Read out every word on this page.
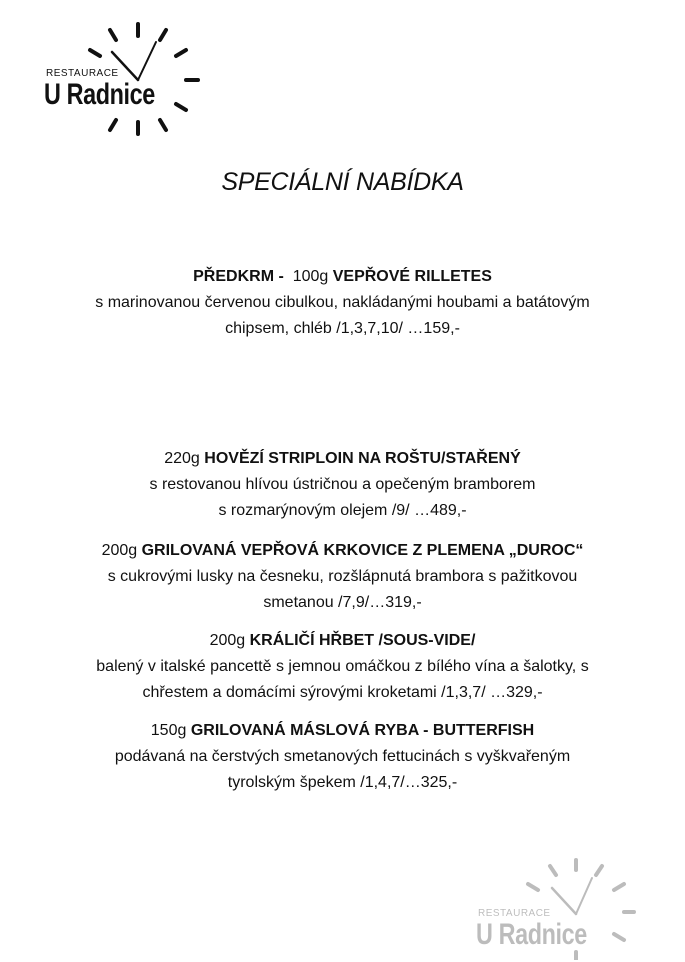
RESTAURACE
U Radnice
SPECIÁLNÍ NABÍDKA
PŘEDKRM -  100g VEPŘOVÉ RILLETES
s marinovanou červenou cibulkou, nakládanými houbami a batátovým
chipsem, chléb /1,3,7,10/ …159,-
220g HOVĚZÍ STRIPLOIN NA ROŠTU/STAŘENÝ
s restovanou hlívou ústričnou a opečeným bramborem
s rozmarýnovým olejem /9/ …489,-
200g GRILOVANÁ VEPŘOVÁ KRKOVICE Z PLEMENA „DUROC“
s cukrovými lusky na česneku, rozšlápnutá brambora s pažitkovou
smetanou /7,9/…319,-
200g KRÁLIČÍ HŘBET /SOUS-VIDE/
balený v italské pancettě s jemnou omáčkou z bílého vína a šalotky, s
chřestem a domácími sýrovými kroketami /1,3,7/ …329,-
150g GRILOVANÁ MÁSLOVÁ RYBA - BUTTERFISH
podávaná na čerstvých smetanových fettucinách s vyškvařeným
tyrolským špekem /1,4,7/…325,-
RESTAURACE
U Radnice
